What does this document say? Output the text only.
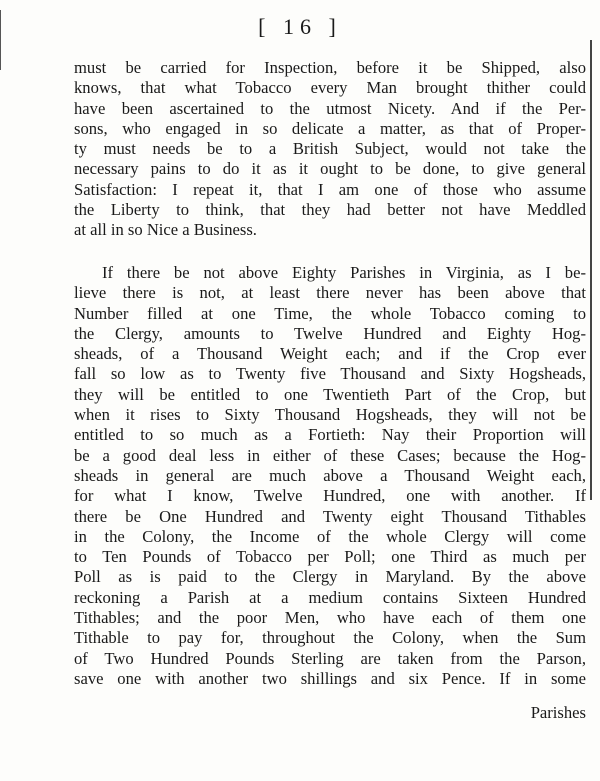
[ 16 ]
must be carried for Inspection, before it be Shipped, also
knows, that what Tobacco every Man brought thither could
have been ascertained to the utmost Nicety. And if the Per-
sons, who engaged in so delicate a matter, as that of Proper-
ty must needs be to a British Subject, would not take the
necessary pains to do it as it ought to be done, to give general
Satisfaction: I repeat it, that I am one of those who assume
the Liberty to think, that they had better not have Meddled
at all in so Nice a Business.
If there be not above Eighty Parishes in Virginia, as I be-
lieve there is not, at least there never has been above that
Number filled at one Time, the whole Tobacco coming to
the Clergy, amounts to Twelve Hundred and Eighty Hog-
sheads, of a Thousand Weight each; and if the Crop ever
fall so low as to Twenty five Thousand and Sixty Hogsheads,
they will be entitled to one Twentieth Part of the Crop, but
when it rises to Sixty Thousand Hogsheads, they will not be
entitled to so much as a Fortieth: Nay their Proportion will
be a good deal less in either of these Cases; because the Hog-
sheads in general are much above a Thousand Weight each,
for what I know, Twelve Hundred, one with another. If
there be One Hundred and Twenty eight Thousand Tithables
in the Colony, the Income of the whole Clergy will come
to Ten Pounds of Tobacco per Poll; one Third as much per
Poll as is paid to the Clergy in Maryland. By the above
reckoning a Parish at a medium contains Sixteen Hundred
Tithables; and the poor Men, who have each of them one
Tithable to pay for, throughout the Colony, when the Sum
of Two Hundred Pounds Sterling are taken from the Parson,
save one with another two shillings and six Pence. If in some
Parishes
